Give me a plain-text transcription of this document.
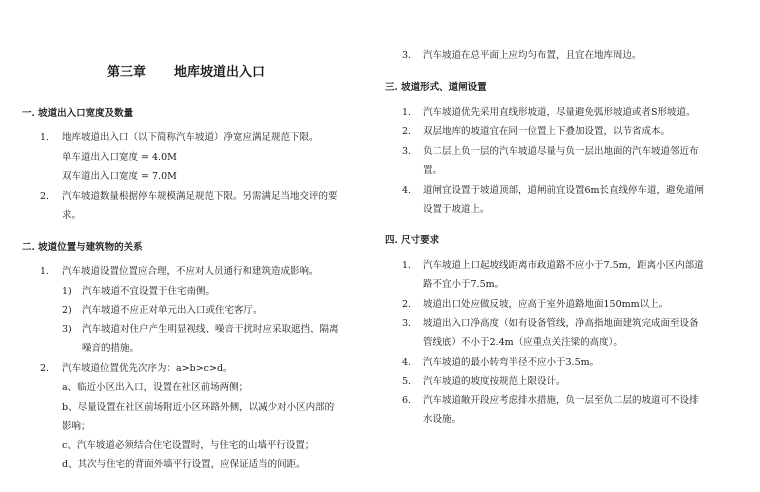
第三章 地库坡道出入口
一. 坡道出入口宽度及数量
1. 地库坡道出入口（以下简称汽车坡道）净宽应满足规范下限。
单车道出入口宽度 = 4.0M
双车道出入口宽度 = 7.0M
2. 汽车坡道数量根据停车规模满足规范下限。另需满足当地交评的要
求。
二. 坡道位置与建筑物的关系
1. 汽车坡道设置位置应合理，不应对人员通行和建筑造成影响。
1) 汽车坡道不宜设置于住宅南侧。
2) 汽车坡道不应正对单元出入口或住宅客厅。
3) 汽车坡道对住户产生明显视线、噪音干扰时应采取遮挡、隔离
噪音的措施。
2. 汽车坡道位置优先次序为：a>b>c>d。
a、临近小区出入口，设置在社区前场两侧；
b、尽量设置在社区前场附近小区环路外侧，以减少对小区内部的
影响；
c、汽车坡道必须结合住宅设置时，与住宅的山墙平行设置；
d、其次与住宅的背面外墙平行设置，应保证适当的间距。
3. 汽车坡道在总平面上应均匀布置，且宜在地库周边。
三. 坡道形式、道闸设置
1. 汽车坡道优先采用直线形坡道，尽量避免弧形坡道或者S形坡道。
2. 双层地库的坡道宜在同一位置上下叠加设置，以节省成本。
3. 负二层上负一层的汽车坡道尽量与负一层出地面的汽车坡道邻近布
置。
4. 道闸宜设置于坡道顶部，道闸前宜设置6m长直线停车道，避免道闸
设置于坡道上。
四. 尺寸要求
1. 汽车坡道上口起坡线距离市政道路不应小于7.5m，距离小区内部道
路不宜小于7.5m。
2. 坡道出口处应做反坡，应高于室外道路地面150mm以上。
3. 坡道出入口净高度（如有设备管线，净高指地面建筑完成面至设备
管线底）不小于2.4m（应重点关注梁的高度）。
4. 汽车坡道的最小转弯半径不应小于3.5m。
5. 汽车坡道的坡度按规范上限设计。
6. 汽车坡道敞开段应考虑排水措施，负一层至负二层的坡道可不设排
水设施。
